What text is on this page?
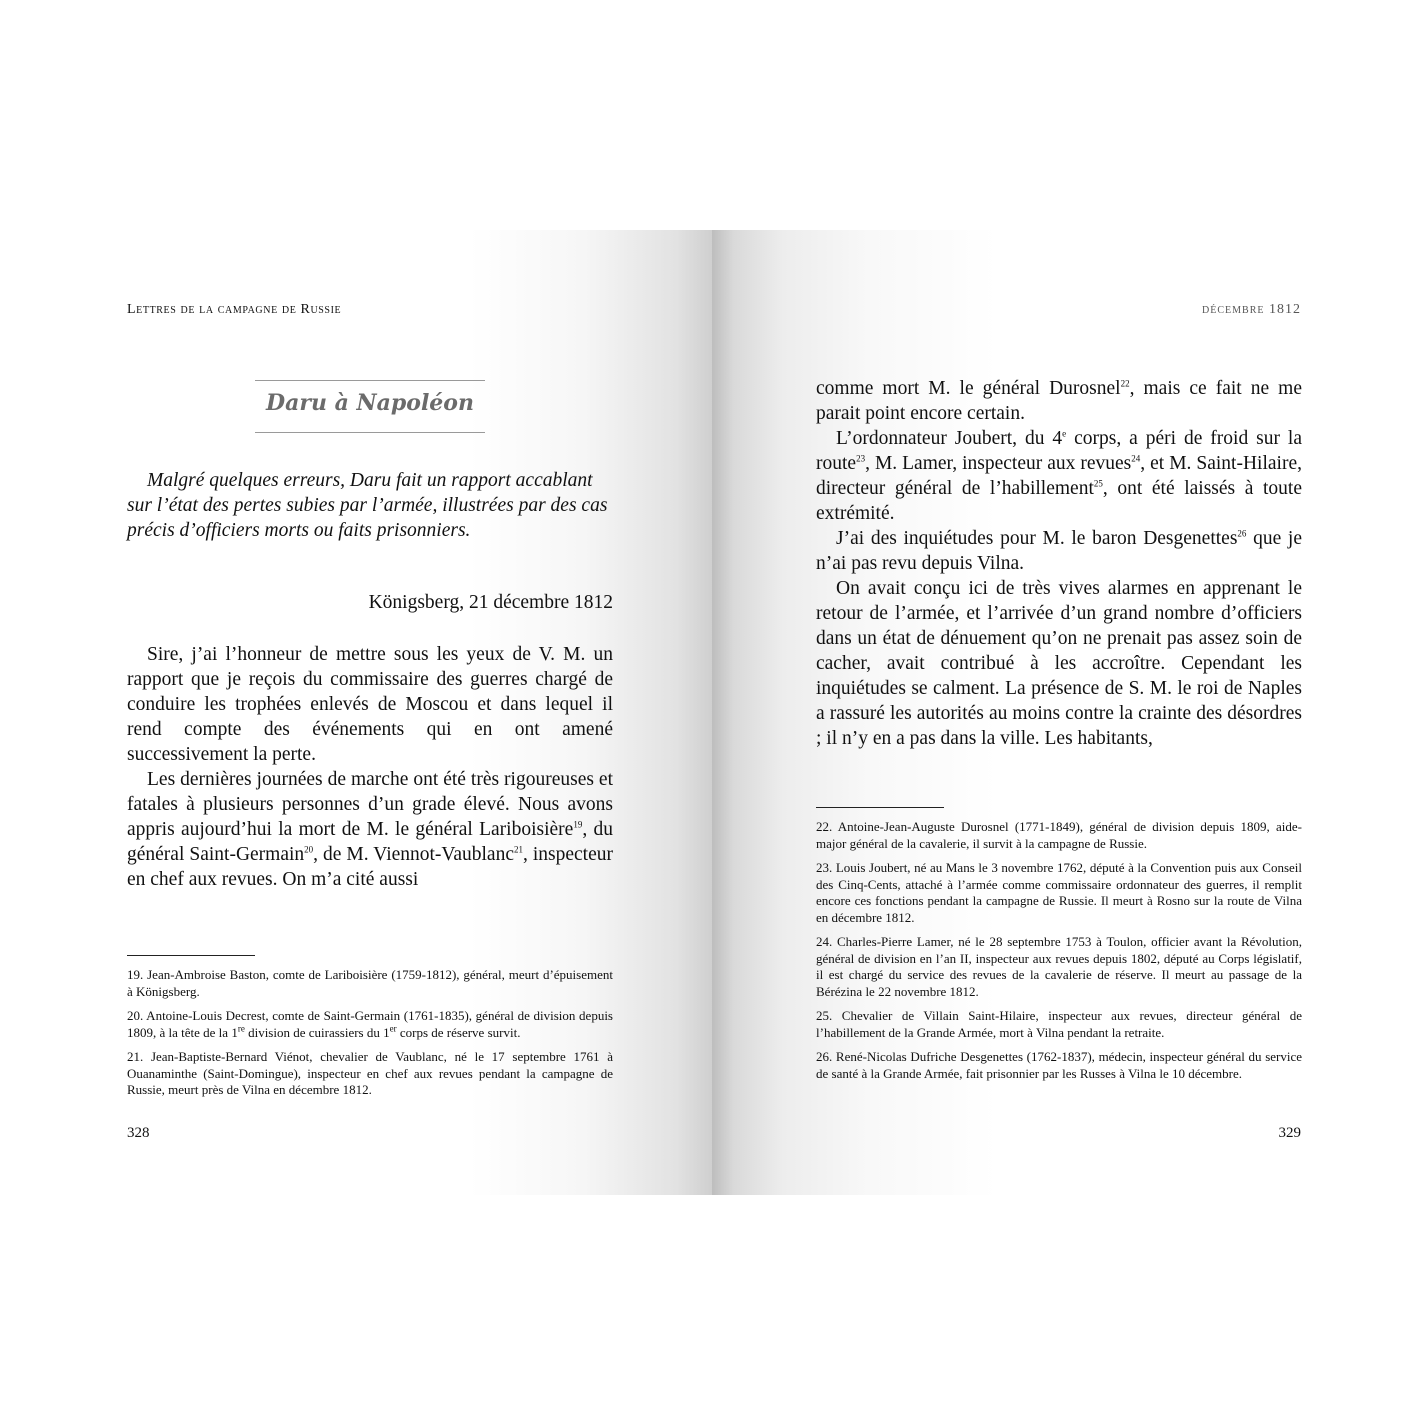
Lettres de la campagne de Russie
Daru à Napoléon
Malgré quelques erreurs, Daru fait un rapport accablant sur l’état des pertes subies par l’armée, illustrées par des cas précis d’officiers morts ou faits prisonniers.
Königsberg, 21 décembre 1812

Sire, j’ai l’honneur de mettre sous les yeux de V. M. un rapport que je reçois du commissaire des guerres chargé de conduire les trophées enlevés de Moscou et dans lequel il rend compte des événements qui en ont amené successivement la perte.

Les dernières journées de marche ont été très rigoureuses et fatales à plusieurs personnes d’un grade élevé. Nous avons appris aujourd’hui la mort de M. le général Lariboisière$^{19}$, du général Saint-Germain$^{20}$, de M. Viennot-Vaublanc$^{21}$, inspecteur en chef aux revues. On m’a cité aussi

19. Jean-Ambroise Baston, comte de Lariboisière (1759-1812), général, meurt d’épuisement à Königsberg.

20. Antoine-Louis Decrest, comte de Saint-Germain (1761-1835), général de division depuis 1809, à la tête de la 1re division de cuirassiers du 1er corps de réserve survit.

21. Jean-Baptiste-Bernard Viénot, chevalier de Vaublanc, né le 17 septembre 1761 à Ouanaminthe (Saint-Domingue), inspecteur en chef aux revues pendant la campagne de Russie, meurt près de Vilna en décembre 1812.

328
décembre 1812

comme mort M. le général Durosnel$^{22}$, mais ce fait ne me parait point encore certain.

L’ordonnateur Joubert, du 4e corps, a péri de froid sur la route$^{23}$, M. Lamer, inspecteur aux revues$^{24}$, et M. Saint-Hilaire, directeur général de l’habillement$^{25}$, ont été laissés à toute extrémité.

J’ai des inquiétudes pour M. le baron Desgenettes$^{26}$ que je n’ai pas revu depuis Vilna.

On avait conçu ici de très vives alarmes en apprenant le retour de l’armée, et l’arrivée d’un grand nombre d’officiers dans un état de dénuement qu’on ne prenait pas assez soin de cacher, avait contribué à les accroître. Cependant les inquiétudes se calment. La présence de S. M. le roi de Naples a rassuré les autorités au moins contre la crainte des désordres ; il n’y en a pas dans la ville. Les habitants,

22. Antoine-Jean-Auguste Durosnel (1771-1849), général de division depuis 1809, aide-major général de la cavalerie, il survit à la campagne de Russie.

23. Louis Joubert, né au Mans le 3 novembre 1762, député à la Convention puis aux Conseil des Cinq-Cents, attaché à l’armée comme commissaire ordonnateur des guerres, il remplit encore ces fonctions pendant la campagne de Russie. Il meurt à Rosno sur la route de Vilna en décembre 1812.

24. Charles-Pierre Lamer, né le 28 septembre 1753 à Toulon, officier avant la Révolution, général de division en l’an II, inspecteur aux revues depuis 1802, député au Corps législatif, il est chargé du service des revues de la cavalerie de réserve. Il meurt au passage de la Bérézina le 22 novembre 1812.

25. Chevalier de Villain Saint-Hilaire, inspecteur aux revues, directeur général de l’habillement de la Grande Armée, mort à Vilna pendant la retraite.

26. René-Nicolas Dufriche Desgenettes (1762-1837), médecin, inspecteur général du service de santé à la Grande Armée, fait prisonnier par les Russes à Vilna le 10 décembre.

329
